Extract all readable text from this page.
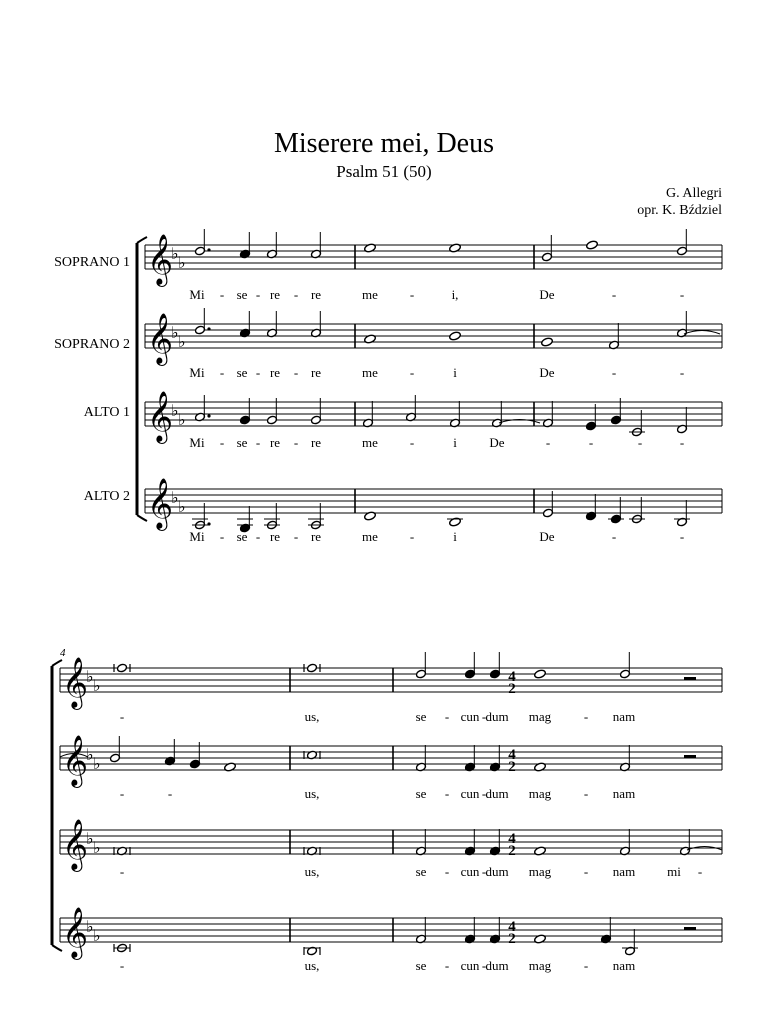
Miserere mei, Deus
Psalm 51 (50)
G. Allegri
opr. K. Bździel
SOPRANO 1
SOPRANO 2
ALTO 1
ALTO 2
4
𝄞
♭
♭
𝄞
♭
♭
𝄞
♭
♭
𝄞
♭
♭
𝄞
♭
♭
𝄞
♭
♭
𝄞
♭
♭
𝄞
♭
♭
4
2
4
2
4
2
4
2
Mi - se - re - re	me -	i,	De	-	-
Mi - se - re - re	me -	i	De	-	-
Mi - se - re - re	me -	i	De	-	-	-	-
Mi - se - re - re	me -	i	De	-	-
-	us,	se - cun - dum mag	- nam
-	-	us,	se - cun - dum mag	- nam
-	us,	se - cun - dum mag	- nam mi -
-	us,	se - cun - dum mag	- nam
